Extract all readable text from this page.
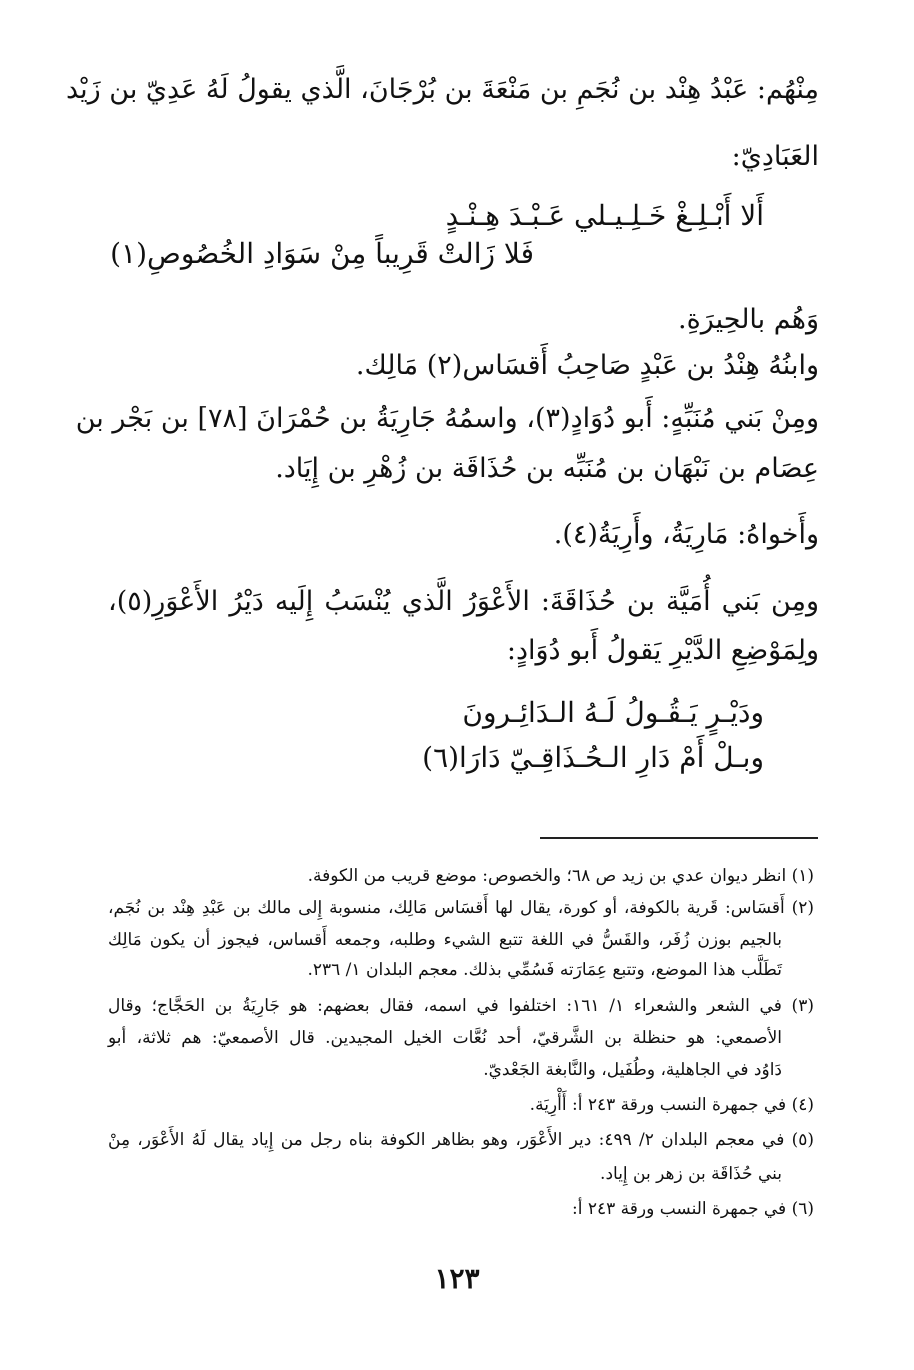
مِنْهُم: عَبْدُ هِنْد بن نُجَمِ بن مَنْعَةَ بن بُرْجَانَ، الَّذي يقولُ لَهُ عَدِيّ بن زَيْد
العَبَادِيّ:
أَلا أَبْـلِـغْ خَـلِـيـلي عَـبْـدَ هِـنْـدٍ
فَلا زَالتْ قَرِيباً مِنْ سَوَادِ الخُصُوصِ(١)
وَهُم بالحِيرَةِ.
وابنُهُ هِنْدُ بن عَبْدٍ صَاحِبُ أَقسَاس(٢) مَالِك.
ومِنْ بَني مُنَبِّهٍ: أَبو دُوَادٍ(٣)، واسمُهُ جَارِيَةُ بن حُمْرَانَ [٧٨] بن بَجْر بن
عِصَام بن نَبْهَان بن مُنَبِّه بن حُذَاقَة بن زُهْرِ بن إِيَاد.
وأَخواهُ: مَارِيَةُ، وأَرِيَةُ(٤).
ومِن بَني أُمَيَّة بن حُذَاقَةَ: الأَعْوَرُ الَّذي يُنْسَبُ إِلَيه دَيْرُ الأَعْوَرِ(٥)،
ولِمَوْضِعِ الدَّيْرِ يَقولُ أَبو دُوَادٍ:
ودَيْـرٍ يَـقُـولُ لَـهُ الـدَائِـرونَ
وبـلْ أَمْ دَارِ الـحُـذَاقِـيّ دَارَا(٦)
(١) انظر ديوان عدي بن زيد ص ٦٨؛ والخصوص: موضع قريب من الكوفة.
(٢) أَقسَاس: قَرية بالكوفة، أو كورة، يقال لها أَقسَاس مَالِك، منسوبة إِلى مالك بن عَبْدِ هِنْد بن نُجَم،
بالجيم بوزن زُفَر، والقَسُّ في اللغة تتبع الشيء وطلبه، وجمعه أَقساس، فيجوز أن يكون مَالِك
تَطَلَّب هذا الموضع، وتتبع عِمَارَته فَسُمِّي بذلك. معجم البلدان ١/ ٢٣٦.
(٣) في الشعر والشعراء ١/ ١٦١: اختلفوا في اسمه، فقال بعضهم: هو جَارِيَةُ بن الحَجَّاج؛ وقال
الأصمعي: هو حنظلة بن الشَّرقيّ، أحد نُعَّات الخيل المجيدين. قال الأصمعيّ: هم ثلاثة، أبو
دَاوُد في الجاهلية، وطُفَيل، والنَّابغة الجَعْديّ.
(٤) في جمهرة النسب ورقة ٢٤٣ أ: أَأْرِيَة.
(٥) في معجم البلدان ٢/ ٤٩٩: دير الأَعْوَر، وهو بظاهر الكوفة بناه رجل من إِياد يقال لَهُ الأَعْوَر، مِنْ
بني حُذَاقَة بن زهر بن إِياد.
(٦) في جمهرة النسب ورقة ٢٤٣ أ:
١٢٣
